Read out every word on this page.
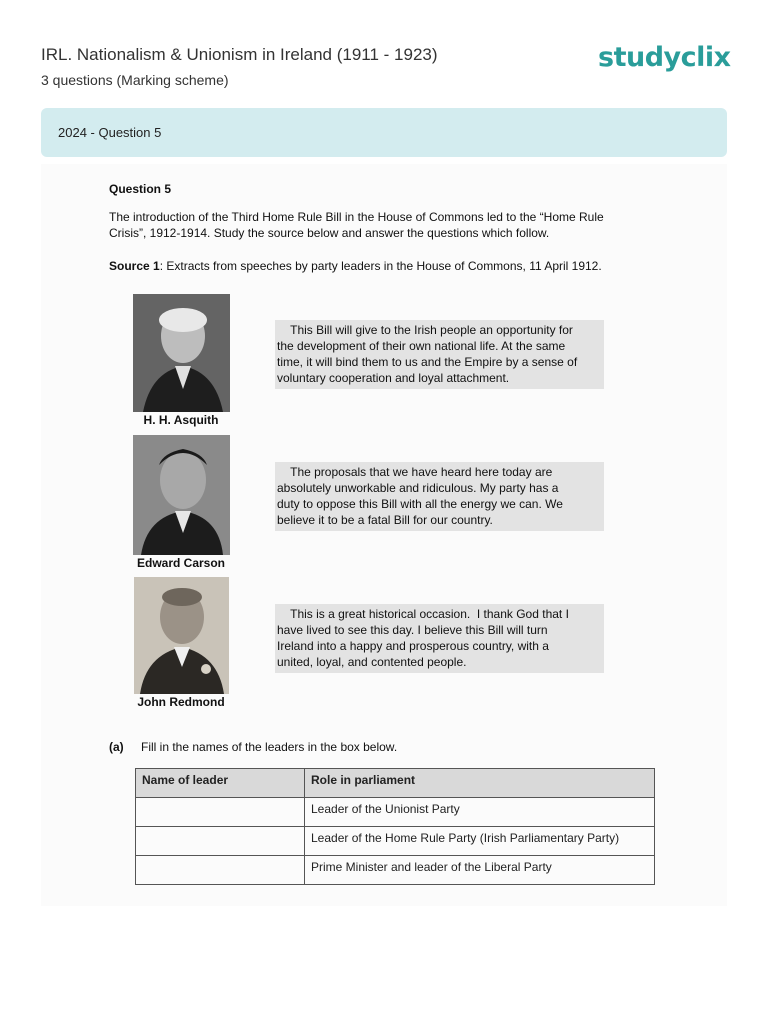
IRL. Nationalism & Unionism in Ireland (1911 - 1923)
3 questions (Marking scheme)
studyclix
2024 - Question 5
Question 5
The introduction of the Third Home Rule Bill in the House of Commons led to the “Home Rule
Crisis”, 1912-1914. Study the source below and answer the questions which follow.
Source 1: Extracts from speeches by party leaders in the House of Commons, 11 April 1912.
This Bill will give to the Irish people an opportunity for
the development of their own national life. At the same
time, it will bind them to us and the Empire by a sense of
voluntary cooperation and loyal attachment.
H. H. Asquith
The proposals that we have heard here today are
absolutely unworkable and ridiculous. My party has a
duty to oppose this Bill with all the energy we can. We
believe it to be a fatal Bill for our country.
Edward Carson
This is a great historical occasion.  I thank God that I
have lived to see this day. I believe this Bill will turn
Ireland into a happy and prosperous country, with a
united, loyal, and contented people.
John Redmond
(a) Fill in the names of the leaders in the box below.
Name of leader	Role in parliament
	Leader of the Unionist Party
	Leader of the Home Rule Party (Irish Parliamentary Party)
	Prime Minister and leader of the Liberal Party
